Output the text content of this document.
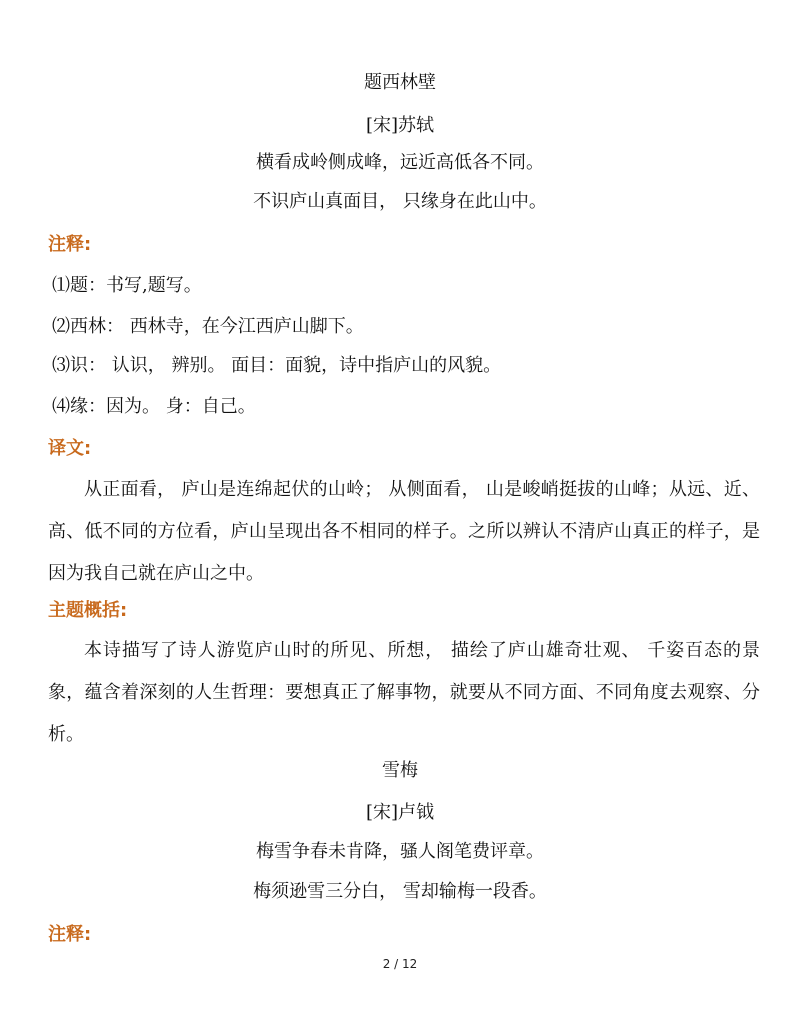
题西林壁
[宋]苏轼
横看成岭侧成峰，远近高低各不同。
不识庐山真面目， 只缘身在此山中。
注释:
⑴题：书写,题写。
⑵西林： 西林寺，在今江西庐山脚下。
⑶识： 认识， 辨别。 面目：面貌，诗中指庐山的风貌。
⑷缘：因为。 身：自己。
译文:

从正面看， 庐山是连绵起伏的山岭； 从侧面看， 山是峻峭挺拔的山峰；从远、近、高、低不同的方位看，庐山呈现出各不相同的样子。之所以辨认不清庐山真正的样子，是因为我自己就在庐山之中。

主题概括:

本诗描写了诗人游览庐山时的所见、所想， 描绘了庐山雄奇壮观、 千姿百态的景象，蕴含着深刻的人生哲理：要想真正了解事物，就要从不同方面、不同角度去观察、分析。

雪梅
[宋]卢钺
梅雪争春未肯降，骚人阁笔费评章。
梅须逊雪三分白， 雪却输梅一段香。
注释:
2 / 12
